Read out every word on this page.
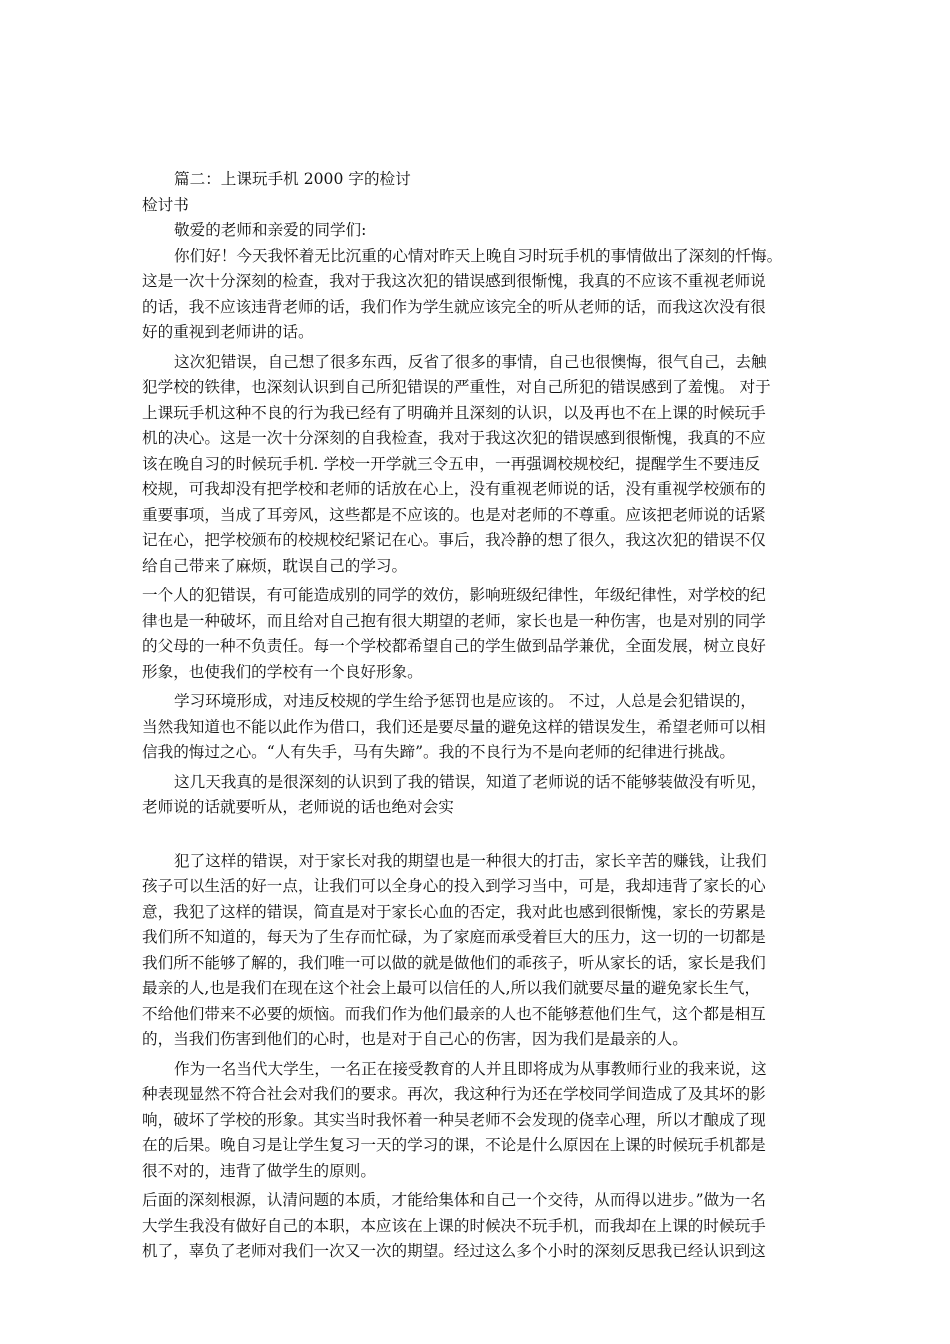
篇二：上课玩手机 2000 字的检讨
检讨书
敬爱的老师和亲爱的同学们:
你们好！今天我怀着无比沉重的心情对昨天上晚自习时玩手机的事情做出了深刻的忏悔。
这是一次十分深刻的检查，我对于我这次犯的错误感到很惭愧，我真的不应该不重视老师说
的话，我不应该违背老师的话，我们作为学生就应该完全的听从老师的话，而我这次没有很
好的重视到老师讲的话。
这次犯错误，自己想了很多东西，反省了很多的事情，自己也很懊悔，很气自己，去触
犯学校的铁律，也深刻认识到自己所犯错误的严重性，对自己所犯的错误感到了羞愧。 对于
上课玩手机这种不良的行为我已经有了明确并且深刻的认识，以及再也不在上课的时候玩手
机的决心。这是一次十分深刻的自我检查，我对于我这次犯的错误感到很惭愧，我真的不应
该在晚自习的时候玩手机. 学校一开学就三令五申，一再强调校规校纪，提醒学生不要违反
校规，可我却没有把学校和老师的话放在心上，没有重视老师说的话，没有重视学校颁布的
重要事项，当成了耳旁风，这些都是不应该的。也是对老师的不尊重。应该把老师说的话紧
记在心，把学校颁布的校规校纪紧记在心。事后，我冷静的想了很久，我这次犯的错误不仅
给自己带来了麻烦，耽误自己的学习。
一个人的犯错误，有可能造成别的同学的效仿，影响班级纪律性，年级纪律性，对学校的纪
律也是一种破坏，而且给对自己抱有很大期望的老师，家长也是一种伤害，也是对别的同学
的父母的一种不负责任。每一个学校都希望自己的学生做到品学兼优，全面发展，树立良好
形象，也使我们的学校有一个良好形象。
学习环境形成，对违反校规的学生给予惩罚也是应该的。 不过，人总是会犯错误的，
当然我知道也不能以此作为借口，我们还是要尽量的避免这样的错误发生，希望老师可以相
信我的悔过之心。“人有失手，马有失蹄”。我的不良行为不是向老师的纪律进行挑战。
这几天我真的是很深刻的认识到了我的错误，知道了老师说的话不能够装做没有听见，
老师说的话就要听从，老师说的话也绝对会实
犯了这样的错误，对于家长对我的期望也是一种很大的打击，家长辛苦的赚钱，让我们
孩子可以生活的好一点，让我们可以全身心的投入到学习当中，可是，我却违背了家长的心
意，我犯了这样的错误，简直是对于家长心血的否定，我对此也感到很惭愧，家长的劳累是
我们所不知道的，每天为了生存而忙碌，为了家庭而承受着巨大的压力，这一切的一切都是
我们所不能够了解的，我们唯一可以做的就是做他们的乖孩子，听从家长的话，家长是我们
最亲的人,也是我们在现在这个社会上最可以信任的人,所以我们就要尽量的避免家长生气，
不给他们带来不必要的烦恼。而我们作为他们最亲的人也不能够惹他们生气，这个都是相互
的，当我们伤害到他们的心时，也是对于自己心的伤害，因为我们是最亲的人。
作为一名当代大学生，一名正在接受教育的人并且即将成为从事教师行业的我来说，这
种表现显然不符合社会对我们的要求。再次，我这种行为还在学校同学间造成了及其坏的影
响，破坏了学校的形象。其实当时我怀着一种吴老师不会发现的侥幸心理，所以才酿成了现
在的后果。晚自习是让学生复习一天的学习的课，不论是什么原因在上课的时候玩手机都是
很不对的，违背了做学生的原则。
后面的深刻根源，认清问题的本质，才能给集体和自己一个交待，从而得以进步。”做为一名
大学生我没有做好自己的本职，本应该在上课的时候决不玩手机，而我却在上课的时候玩手
机了，辜负了老师对我们一次又一次的期望。经过这么多个小时的深刻反思我已经认识到这
